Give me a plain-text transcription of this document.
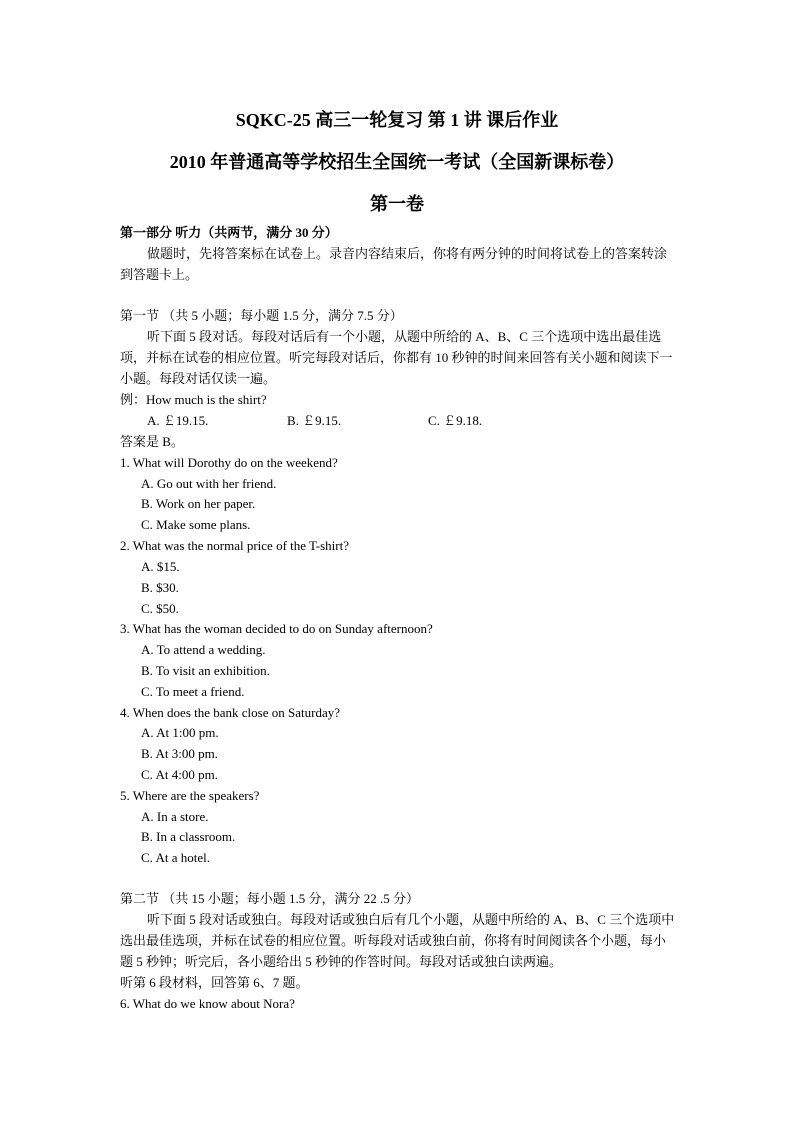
SQKC-25 高三一轮复习 第 1 讲 课后作业
2010 年普通高等学校招生全国统一考试（全国新课标卷）
第一卷
第一部分 听力（共两节，满分 30 分）
做题时，先将答案标在试卷上。录音内容结束后，你将有两分钟的时间将试卷上的答案转涂到答题卡上。
第一节 （共 5 小题；每小题 1.5 分，满分 7.5 分）
听下面 5 段对话。每段对话后有一个小题，从题中所给的 A、B、C 三个选项中选出最佳选项，并标在试卷的相应位置。听完每段对话后，你都有 10 秒钟的时间来回答有关小题和阅读下一小题。每段对话仅读一遍。
例：How much is the shirt?
A. ￡19.15.	B. ￡9.15.	C. ￡9.18.
答案是 B。
1. What will Dorothy do on the weekend?
A. Go out with her friend.
B. Work on her paper.
C. Make some plans.
2. What was the normal price of the T-shirt?
A. $15.
B. $30.
C. $50.
3. What has the woman decided to do on Sunday afternoon?
A. To attend a wedding.
B. To visit an exhibition.
C. To meet a friend.
4. When does the bank close on Saturday?
A. At 1:00 pm.
B. At 3:00 pm.
C. At 4:00 pm.
5. Where are the speakers?
A. In a store.
B. In a classroom.
C. At a hotel.
第二节 （共 15 小题；每小题 1.5 分，满分 22 .5 分）
听下面 5 段对话或独白。每段对话或独白后有几个小题，从题中所给的 A、B、C 三个选项中选出最佳选项，并标在试卷的相应位置。听每段对话或独白前，你将有时间阅读各个小题，每小题 5 秒钟；听完后，各小题给出 5 秒钟的作答时间。每段对话或独白读两遍。
听第 6 段材料，回答第 6、7 题。
6. What do we know about Nora?
